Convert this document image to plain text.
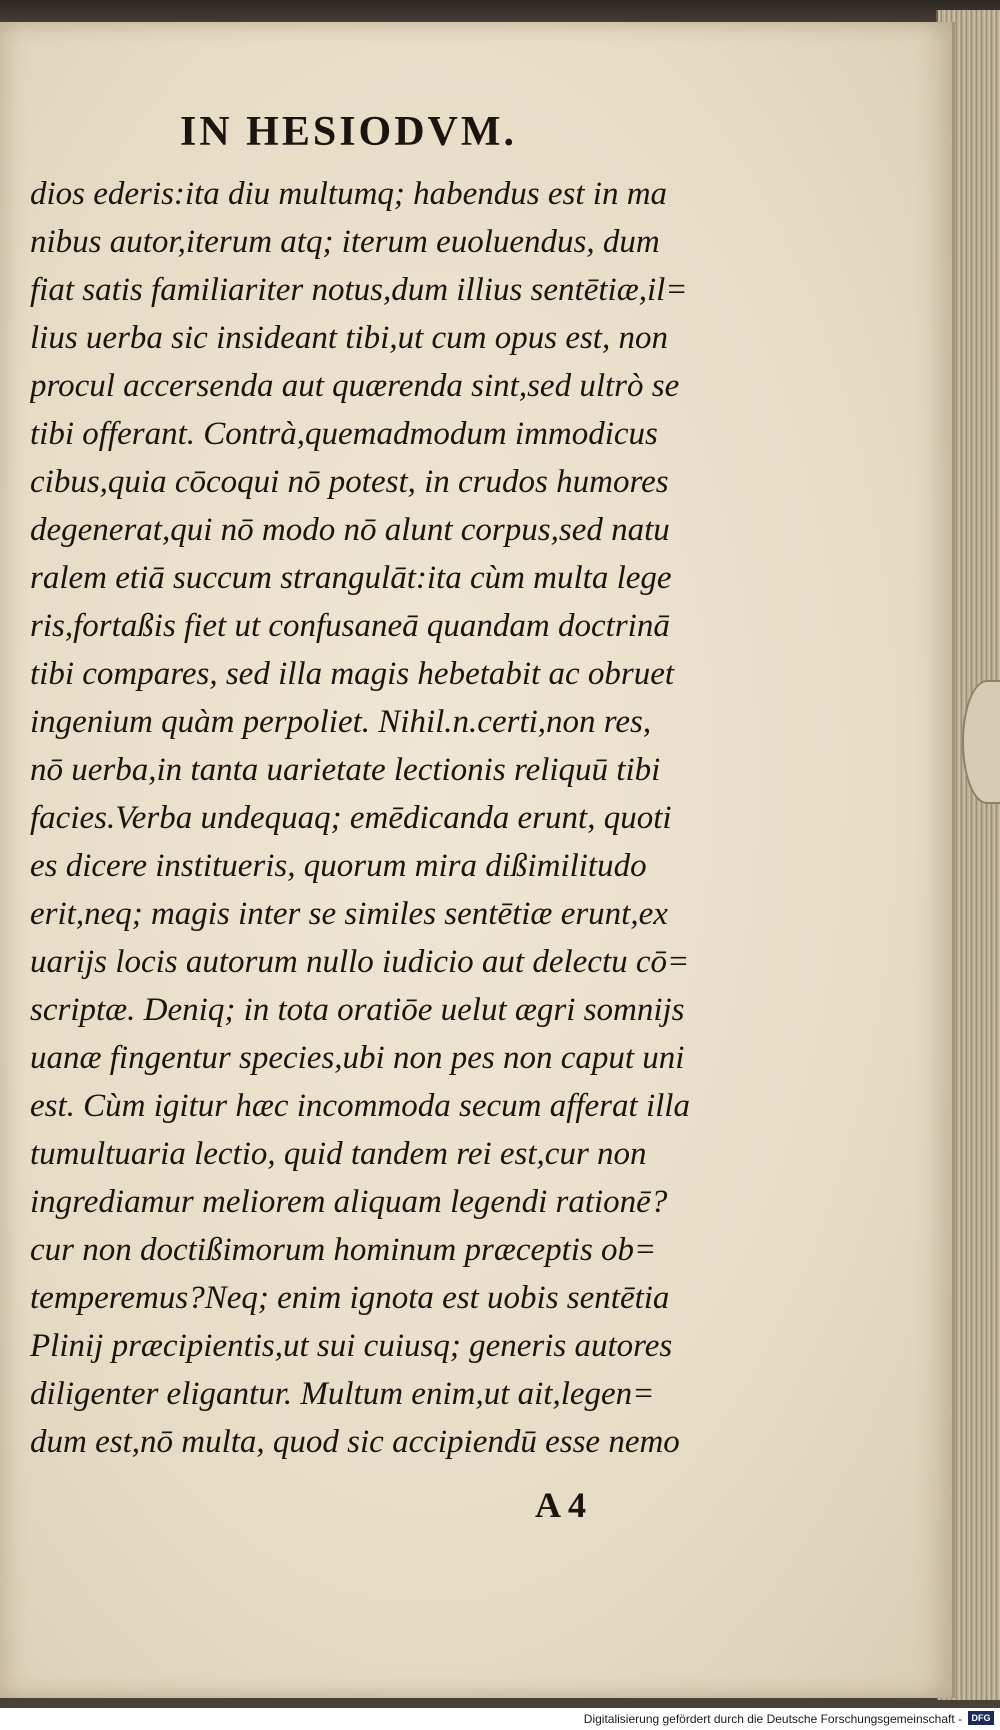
IN HESIODVM.
dios ederis:ita diu multumq; habendus est in ma
nibus autor,iterum atq; iterum euoluendus, dum
fiat satis familiariter notus,dum illius sentētiæ,il=
lius uerba sic insideant tibi,ut cum opus est, non
procul accersenda aut quærenda sint,sed ultrò se
tibi offerant. Contrà,quemadmodum immodicus
cibus,quia cōcoqui nō potest, in crudos humores
degenerat,qui nō modo nō alunt corpus,sed natu
ralem etiā succum strangulāt:ita cùm multa lege
ris,fortaßis fiet ut confusaneā quandam doctrinā
tibi compares, sed illa magis hebetabit ac obruet
ingenium quàm perpoliet. Nihil.n.certi,non res,
nō uerba,in tanta uarietate lectionis reliquū tibi
facies.Verba undequaq; emēdicanda erunt, quoti
es dicere institueris, quorum mira dißimilitudo
erit,neq; magis inter se similes sentētiæ erunt,ex
uariјs locis autorum nullo iudicio aut delectu cō=
scriptæ. Deniq; in tota oratiōe uelut ægri somnijs
uanæ fingentur species,ubi non pes non caput uni
est. Cùm igitur hæc incommoda secum afferat illa
tumultuaria lectio, quid tandem rei est,cur non
ingrediamur meliorem aliquam legendi rationē?
cur non doctißimorum hominum præceptis ob=
temperemus?Neq; enim ignota est uobis sentētia
Plinij præcipientis,ut sui cuiusq; generis autores
diligenter eligantur. Multum enim,ut ait,legen=
dum est,nō multa, quod sic accipiendū esse nemo
A 4
Digitalisierung gefördert durch die Deutsche Forschungsgemeinschaft -	DFG
